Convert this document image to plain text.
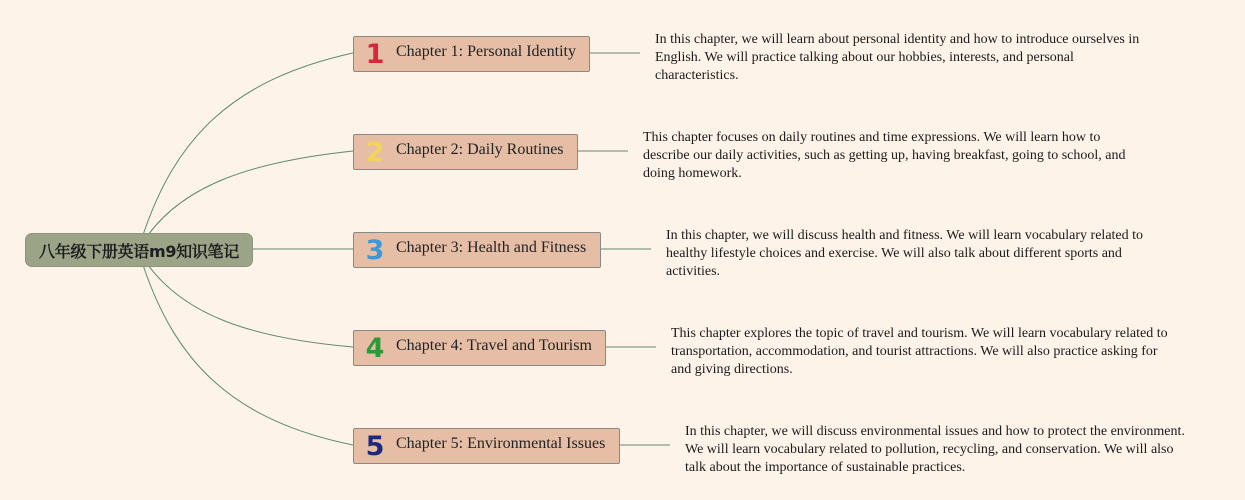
八年级下册英语m9知识笔记
1 Chapter 1: Personal Identity
In this chapter, we will learn about personal identity and how to introduce ourselves in English. We will practice talking about our hobbies, interests, and personal characteristics.
2 Chapter 2: Daily Routines
This chapter focuses on daily routines and time expressions. We will learn how to describe our daily activities, such as getting up, having breakfast, going to school, and doing homework.
3 Chapter 3: Health and Fitness
In this chapter, we will discuss health and fitness. We will learn vocabulary related to healthy lifestyle choices and exercise. We will also talk about different sports and activities.
4 Chapter 4: Travel and Tourism
This chapter explores the topic of travel and tourism. We will learn vocabulary related to transportation, accommodation, and tourist attractions. We will also practice asking for and giving directions.
5 Chapter 5: Environmental Issues
In this chapter, we will discuss environmental issues and how to protect the environment. We will learn vocabulary related to pollution, recycling, and conservation. We will also talk about the importance of sustainable practices.
